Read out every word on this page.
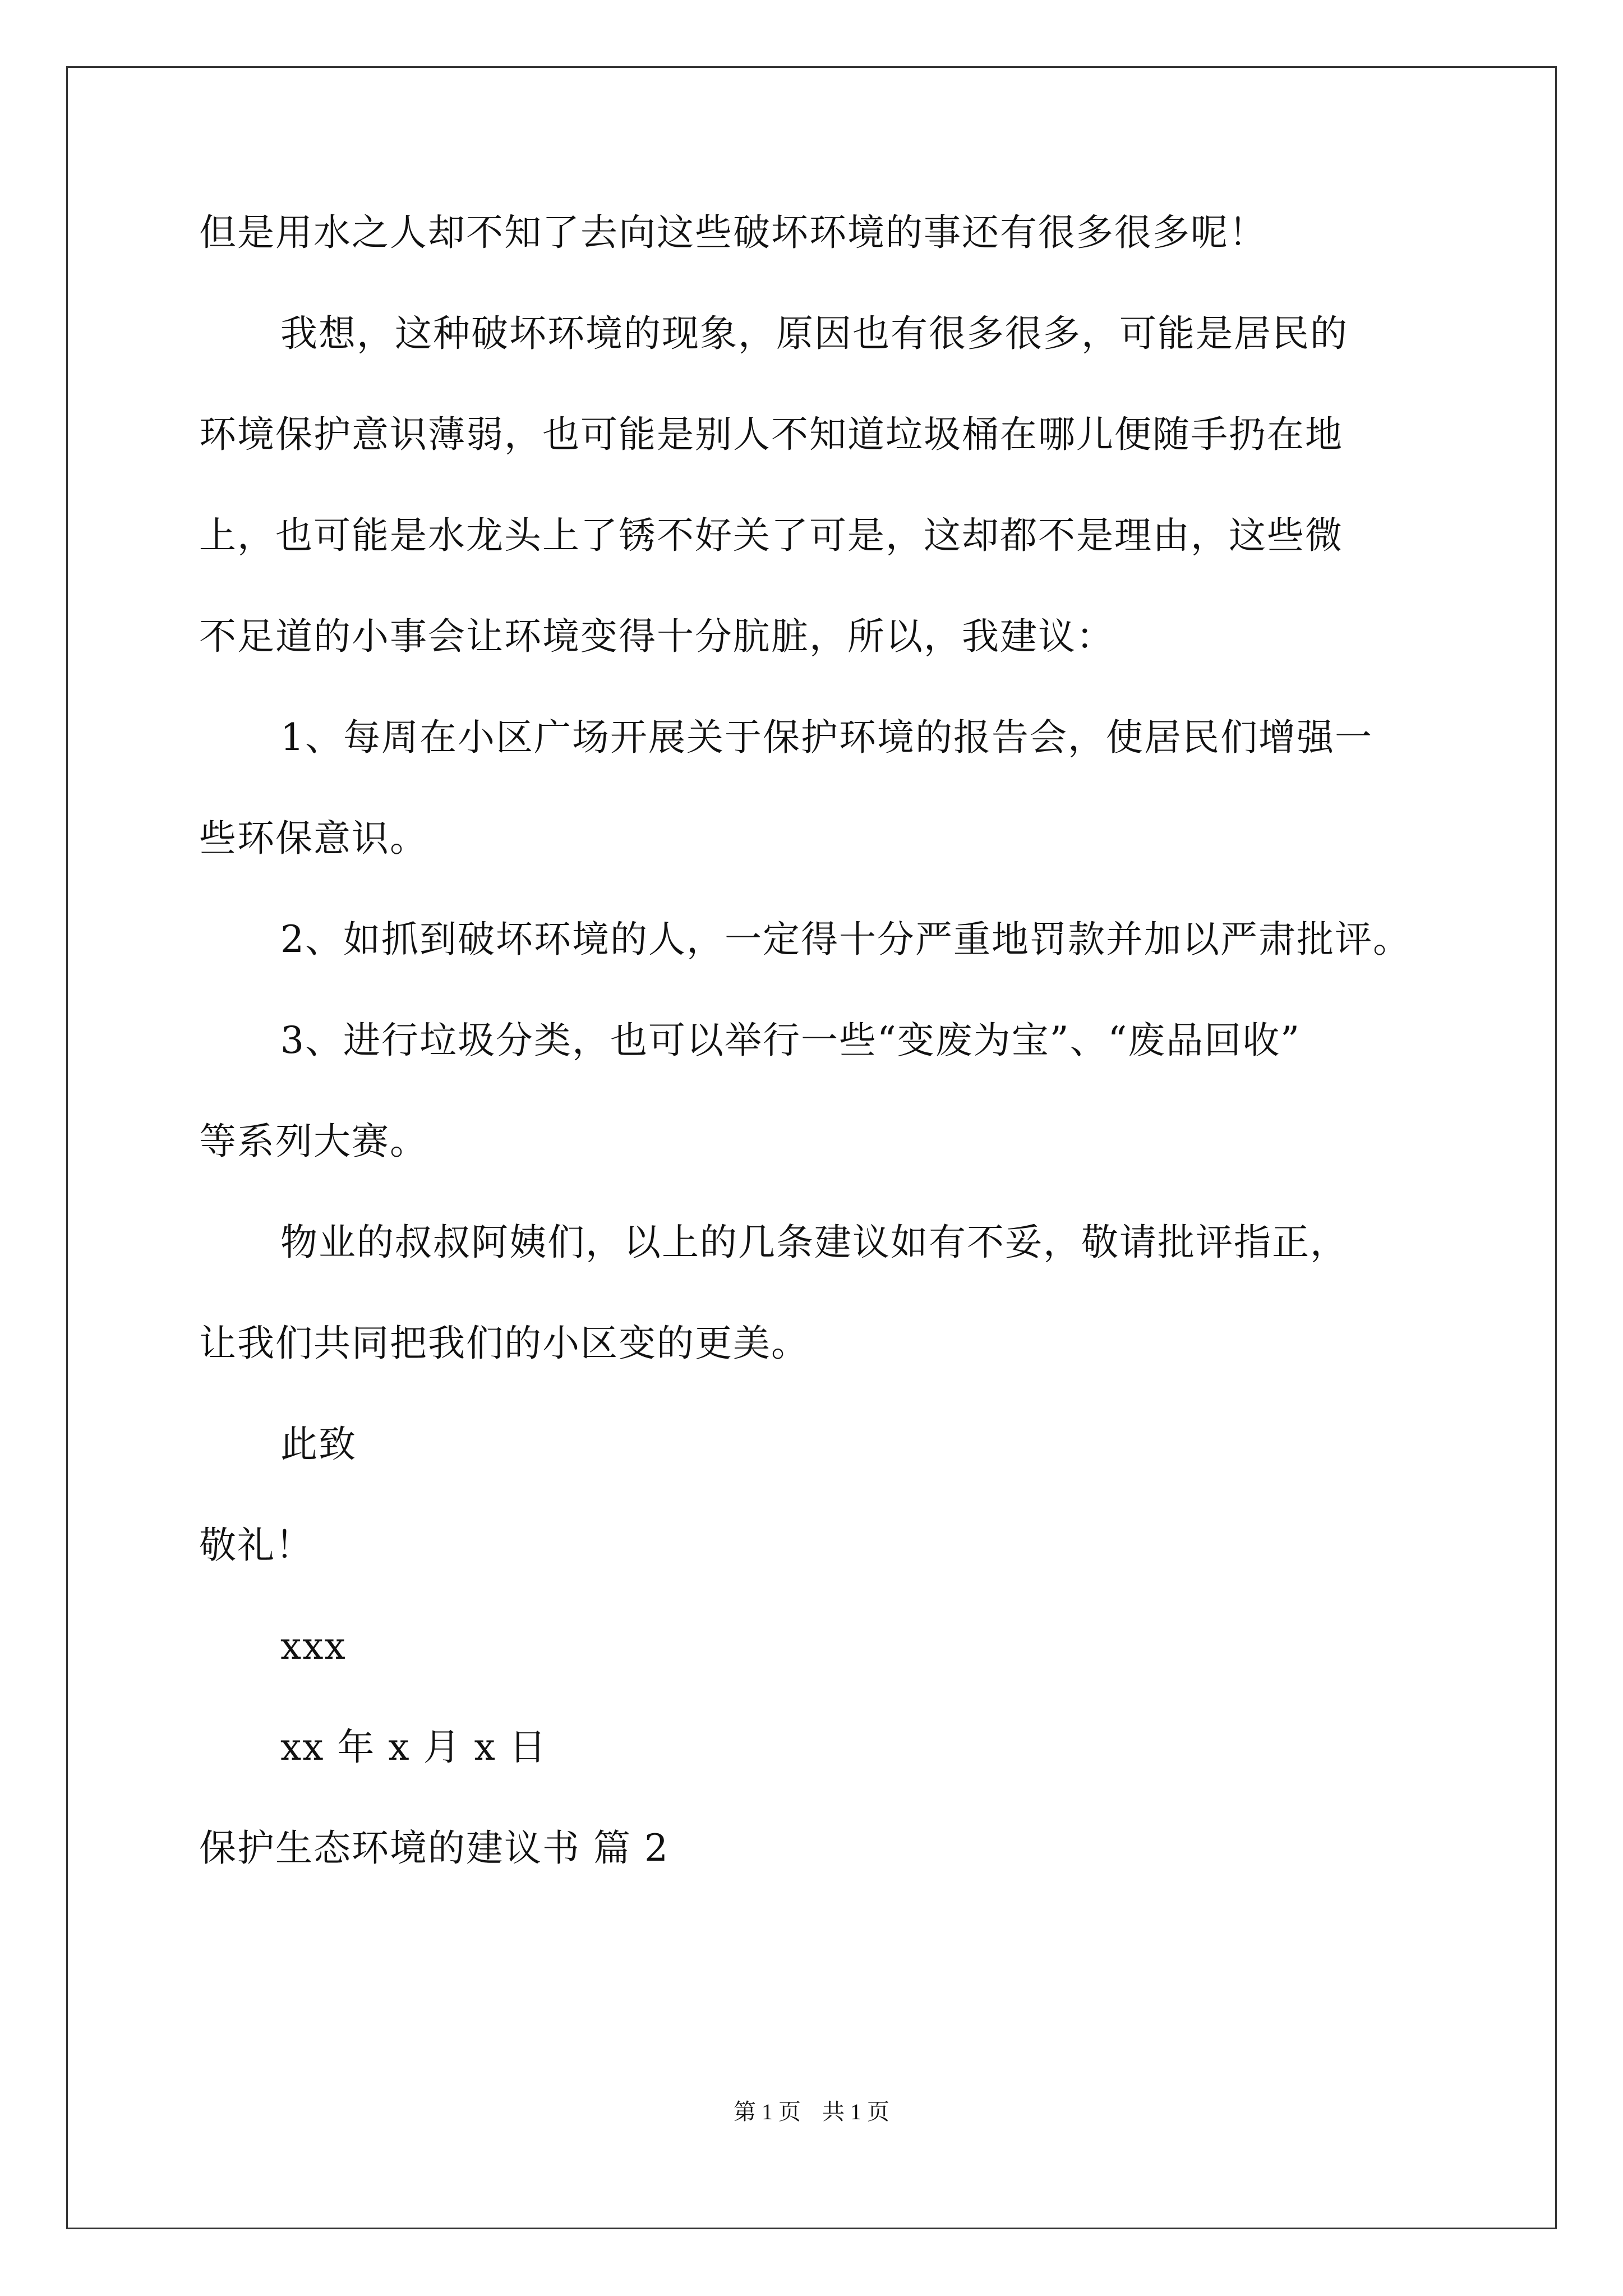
但是用水之人却不知了去向这些破坏环境的事还有很多很多呢！
我想，这种破坏环境的现象，原因也有很多很多，可能是居民的
环境保护意识薄弱，也可能是别人不知道垃圾桶在哪儿便随手扔在地
上，也可能是水龙头上了锈不好关了可是，这却都不是理由，这些微
不足道的小事会让环境变得十分肮脏，所以，我建议：
1、每周在小区广场开展关于保护环境的报告会，使居民们增强一
些环保意识。
2、如抓到破坏环境的人，一定得十分严重地罚款并加以严肃批评。
3、进行垃圾分类，也可以举行一些“变废为宝”、“废品回收”
等系列大赛。
物业的叔叔阿姨们，以上的几条建议如有不妥，敬请批评指正，
让我们共同把我们的小区变的更美。
此致
敬礼！
xxx
xx 年 x 月 x 日
保护生态环境的建议书 篇 2
第 1 页 共 1 页
